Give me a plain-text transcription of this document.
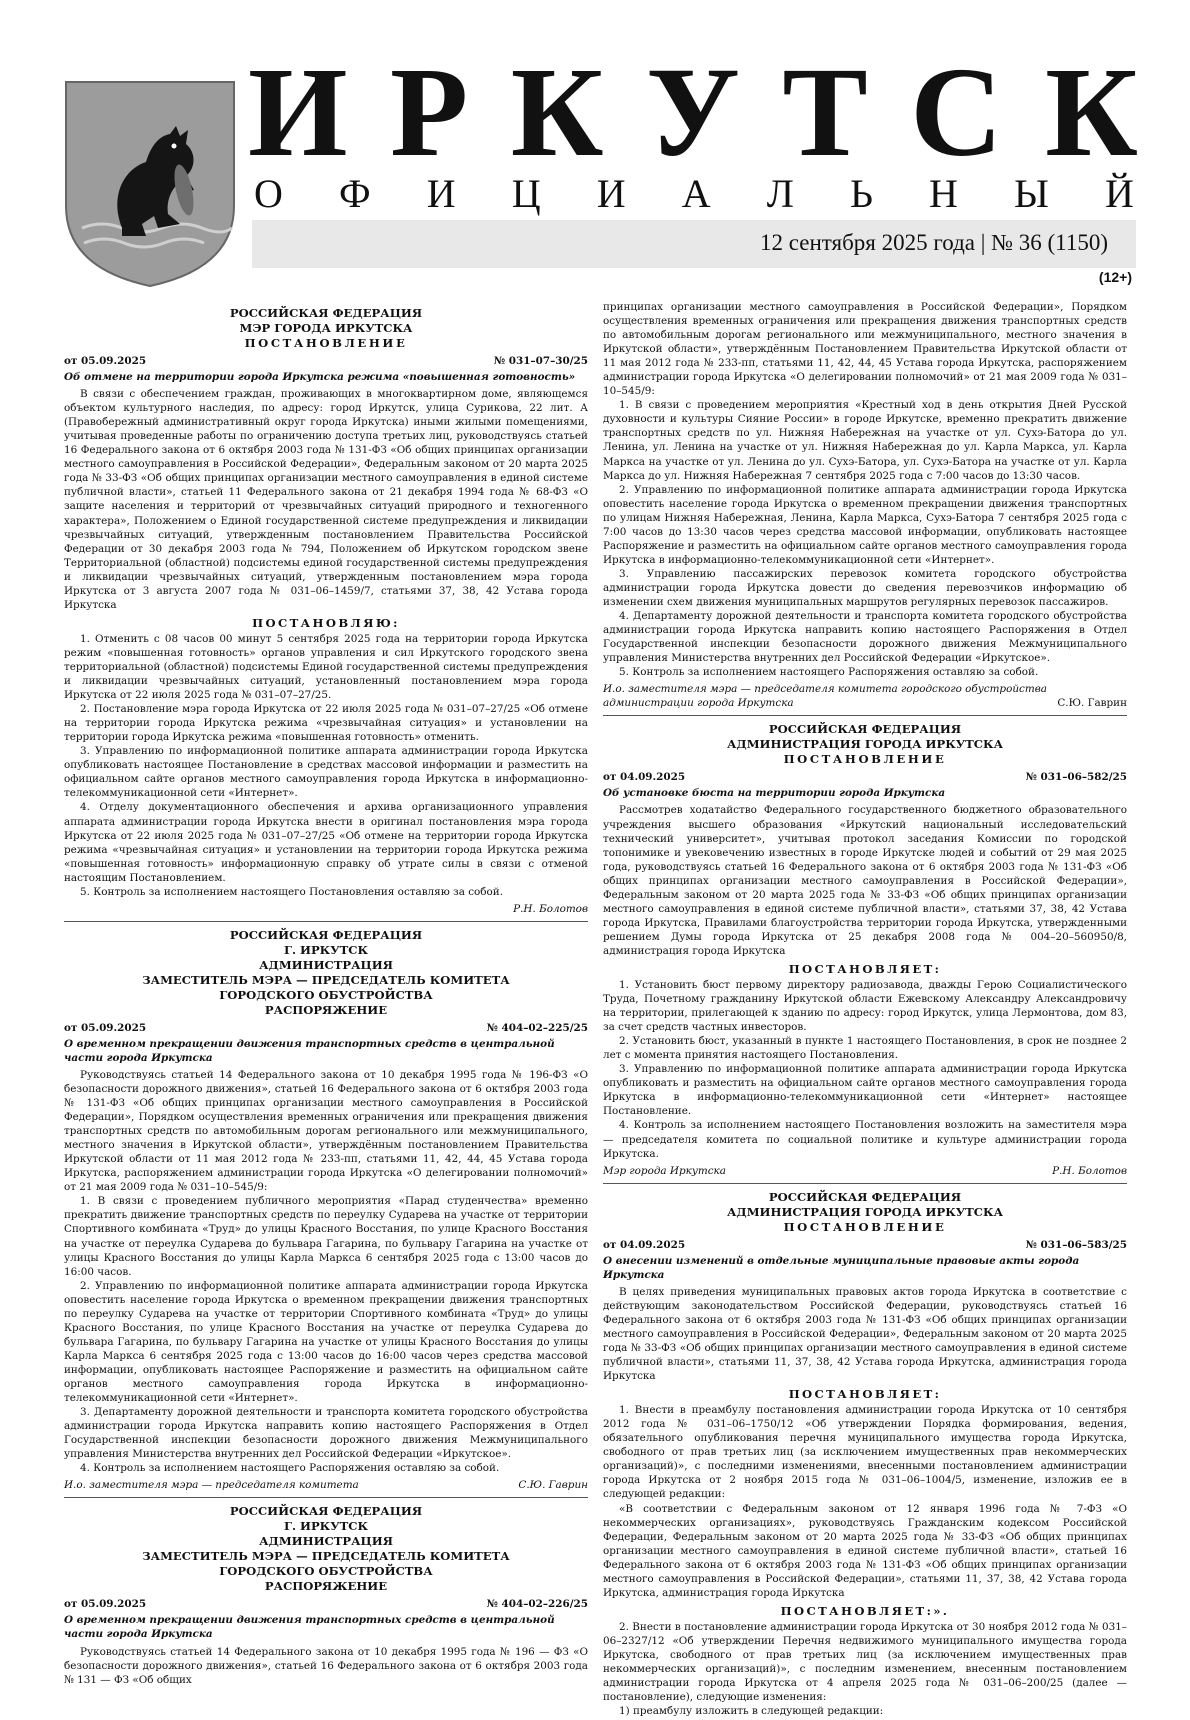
И Р К У Т С К
О Ф И Ц И А Л Ь Н Ы Й
12 сентября 2025 года | № 36 (1150)
(12+)
РОССИЙСКАЯ ФЕДЕРАЦИЯ
МЭР ГОРОДА ИРКУТСКА
ПОСТАНОВЛЕНИЕ
от 05.09.2025	№ 031–07–30/25
Об отмене на территории города Иркутска режима «повышенная готовность»

В связи с обеспечением граждан, проживающих в многоквартирном доме, являющемся объектом культурного наследия, по адресу: город Иркутск, улица Сурикова, 22 лит. А (Правобережный административный округ города Иркутска) иными жилыми помещениями, учитывая проведенные работы по ограничению доступа третьих лиц, руководствуясь статьей 16 Федерального закона от 6 октября 2003 года № 131-ФЗ «Об общих принципах организации местного самоуправления в Российской Федерации», Федеральным законом от 20 марта 2025 года № 33-ФЗ «Об общих принципах организации местного самоуправления в единой системе публичной власти», статьей 11 Федерального закона от 21 декабря 1994 года № 68-ФЗ «О защите населения и территорий от чрезвычайных ситуаций природного и техногенного характера», Положением о Единой государственной системе предупреждения и ликвидации чрезвычайных ситуаций, утвержденным постановлением Правительства Российской Федерации от 30 декабря 2003 года № 794, Положением об Иркутском городском звене Территориальной (областной) подсистемы единой государственной системы предупреждения и ликвидации чрезвычайных ситуаций, утвержденным постановлением мэра города Иркутска от 3 августа 2007 года № 031–06–1459/7, статьями 37, 38, 42 Устава города Иркутска

ПОСТАНОВЛЯЮ:

1. Отменить с 08 часов 00 минут 5 сентября 2025 года на территории города Иркутска режим «повышенная готовность» органов управления и сил Иркутского городского звена территориальной (областной) подсистемы Единой государственной системы предупреждения и ликвидации чрезвычайных ситуаций, установленный постановлением мэра города Иркутска от 22 июля 2025 года № 031–07–27/25.

2. Постановление мэра города Иркутска от 22 июля 2025 года № 031–07–27/25 «Об отмене на территории города Иркутска режима «чрезвычайная ситуация» и установлении на территории города Иркутска режима «повышенная готовность» отменить.

3. Управлению по информационной политике аппарата администрации города Иркутска опубликовать настоящее Постановление в средствах массовой информации и разместить на официальном сайте органов местного самоуправления города Иркутска в информационно-телекоммуникационной сети «Интернет».

4. Отделу документационного обеспечения и архива организационного управления аппарата администрации города Иркутска внести в оригинал постановления мэра города Иркутска от 22 июля 2025 года № 031–07–27/25 «Об отмене на территории города Иркутска режима «чрезвычайная ситуация» и установлении на территории города Иркутска режима «повышенная готовность» информационную справку об утрате силы в связи с отменой настоящим Постановлением.

5. Контроль за исполнением настоящего Постановления оставляю за собой.

Р.Н. Болотов
РОССИЙСКАЯ ФЕДЕРАЦИЯ
Г. ИРКУТСК
АДМИНИСТРАЦИЯ
ЗАМЕСТИТЕЛЬ МЭРА — ПРЕДСЕДАТЕЛЬ КОМИТЕТА
ГОРОДСКОГО ОБУСТРОЙСТВА
РАСПОРЯЖЕНИЕ
от 05.09.2025	№ 404–02–225/25
О временном прекращении движения транспортных средств в центральной части города Иркутска

Руководствуясь статьей 14 Федерального закона от 10 декабря 1995 года № 196-ФЗ «О безопасности дорожного движения», статьей 16 Федерального закона от 6 октября 2003 года № 131-ФЗ «Об общих принципах организации местного самоуправления в Российской Федерации», Порядком осуществления временных ограничения или прекращения движения транспортных средств по автомобильным дорогам регионального или межмуниципального, местного значения в Иркутской области», утверждённым постановлением Правительства Иркутской области от 11 мая 2012 года № 233-пп, статьями 11, 42, 44, 45 Устава города Иркутска, распоряжением администрации города Иркутска «О делегировании полномочий» от 21 мая 2009 года № 031–10–545/9:

1. В связи с проведением публичного мероприятия «Парад студенчества» временно прекратить движение транспортных средств по переулку Сударева на участке от территории Спортивного комбината «Труд» до улицы Красного Восстания, по улице Красного Восстания на участке от переулка Сударева до бульвара Гагарина, по бульвару Гагарина на участке от улицы Красного Восстания до улицы Карла Маркса 6 сентября 2025 года с 13:00 часов до 16:00 часов.

2. Управлению по информационной политике аппарата администрации города Иркутска оповестить население города Иркутска о временном прекращении движения транспортных по переулку Сударева на участке от территории Спортивного комбината «Труд» до улицы Красного Восстания, по улице Красного Восстания на участке от переулка Сударева до бульвара Гагарина, по бульвару Гагарина на участке от улицы Красного Восстания до улицы Карла Маркса 6 сентября 2025 года с 13:00 часов до 16:00 часов через средства массовой информации, опубликовать настоящее Распоряжение и разместить на официальном сайте органов местного самоуправления города Иркутска в информационно-телекоммуникационной сети «Интернет».

3. Департаменту дорожной деятельности и транспорта комитета городского обустройства администрации города Иркутска направить копию настоящего Распоряжения в Отдел Государственной инспекции безопасности дорожного движения Межмуниципального управления Министерства внутренних дел Российской Федерации «Иркутское».

4. Контроль за исполнением настоящего Распоряжения оставляю за собой.

И.о. заместителя мэра — председателя комитета	С.Ю. Гаврин
РОССИЙСКАЯ ФЕДЕРАЦИЯ
Г. ИРКУТСК
АДМИНИСТРАЦИЯ
ЗАМЕСТИТЕЛЬ МЭРА — ПРЕДСЕДАТЕЛЬ КОМИТЕТА
ГОРОДСКОГО ОБУСТРОЙСТВА
РАСПОРЯЖЕНИЕ
от 05.09.2025	№ 404–02–226/25
О временном прекращении движения транспортных средств в центральной части города Иркутска

Руководствуясь статьей 14 Федерального закона от 10 декабря 1995 года № 196 — ФЗ «О безопасности дорожного движения», статьей 16 Федерального закона от 6 октября 2003 года № 131 — ФЗ «Об общих

принципах организации местного самоуправления в Российской Федерации», Порядком осуществления временных ограничения или прекращения движения транспортных средств по автомобильным дорогам регионального или межмуниципального, местного значения в Иркутской области», утверждённым Постановлением Правительства Иркутской области от 11 мая 2012 года № 233-пп, статьями 11, 42, 44, 45 Устава города Иркутска, распоряжением администрации города Иркутска «О делегировании полномочий» от 21 мая 2009 года № 031–10–545/9:

1. В связи с проведением мероприятия «Крестный ход в день открытия Дней Русской духовности и культуры Сияние России» в городе Иркутске, временно прекратить движение транспортных средств по ул. Нижняя Набережная на участке от ул. Сухэ-Батора до ул. Ленина, ул. Ленина на участке от ул. Нижняя Набережная до ул. Карла Маркса, ул. Карла Маркса на участке от ул. Ленина до ул. Сухэ-Батора, ул. Сухэ-Батора на участке от ул. Карла Маркса до ул. Нижняя Набережная 7 сентября 2025 года с 7:00 часов до 13:30 часов.

2. Управлению по информационной политике аппарата администрации города Иркутска оповестить население города Иркутска о временном прекращении движения транспортных по улицам Нижняя Набережная, Ленина, Карла Маркса, Сухэ-Батора 7 сентября 2025 года с 7:00 часов до 13:30 часов через средства массовой информации, опубликовать настоящее Распоряжение и разместить на официальном сайте органов местного самоуправления города Иркутска в информационно-телекоммуникационной сети «Интернет».

3. Управлению пассажирских перевозок комитета городского обустройства администрации города Иркутска довести до сведения перевозчиков информацию об изменении схем движения муниципальных маршрутов регулярных перевозок пассажиров.

4. Департаменту дорожной деятельности и транспорта комитета городского обустройства администрации города Иркутска направить копию настоящего Распоряжения в Отдел Государственной инспекции безопасности дорожного движения Межмуниципального управления Министерства внутренних дел Российской Федерации «Иркутское».

5. Контроль за исполнением настоящего Распоряжения оставляю за собой.

И.о. заместителя мэра — председателя комитета городского обустройства
администрации города Иркутска	С.Ю. Гаврин
РОССИЙСКАЯ ФЕДЕРАЦИЯ
АДМИНИСТРАЦИЯ ГОРОДА ИРКУТСКА
ПОСТАНОВЛЕНИЕ
от 04.09.2025	№ 031–06–582/25
Об установке бюста на территории города Иркутска

Рассмотрев ходатайство Федерального государственного бюджетного образовательного учреждения высшего образования «Иркутский национальный исследовательский технический университет», учитывая протокол заседания Комиссии по городской топонимике и увековечению известных в городе Иркутске людей и событий от 29 мая 2025 года, руководствуясь статьей 16 Федерального закона от 6 октября 2003 года № 131-ФЗ «Об общих принципах организации местного самоуправления в Российской Федерации», Федеральным законом от 20 марта 2025 года № 33-ФЗ «Об общих принципах организации местного самоуправления в единой системе публичной власти», статьями 37, 38, 42 Устава города Иркутска, Правилами благоустройства территории города Иркутска, утвержденными решением Думы города Иркутска от 25 декабря 2008 года № 004–20–560950/8, администрация города Иркутска

ПОСТАНОВЛЯЕТ:

1. Установить бюст первому директору радиозавода, дважды Герою Социалистического Труда, Почетному гражданину Иркутской области Ежевскому Александру Александровичу на территории, прилегающей к зданию по адресу: город Иркутск, улица Лермонтова, дом 83, за счет средств частных инвесторов.

2. Установить бюст, указанный в пункте 1 настоящего Постановления, в срок не позднее 2 лет с момента принятия настоящего Постановления.

3. Управлению по информационной политике аппарата администрации города Иркутска опубликовать и разместить на официальном сайте органов местного самоуправления города Иркутска в информационно-телекоммуникационной сети «Интернет» настоящее Постановление.

4. Контроль за исполнением настоящего Постановления возложить на заместителя мэра — председателя комитета по социальной политике и культуре администрации города Иркутска.

Мэр города Иркутска	Р.Н. Болотов
РОССИЙСКАЯ ФЕДЕРАЦИЯ
АДМИНИСТРАЦИЯ ГОРОДА ИРКУТСКА
ПОСТАНОВЛЕНИЕ
от 04.09.2025	№ 031–06–583/25
О внесении изменений в отдельные муниципальные правовые акты города Иркутска

В целях приведения муниципальных правовых актов города Иркутска в соответствие с действующим законодательством Российской Федерации, руководствуясь статьей 16 Федерального закона от 6 октября 2003 года № 131-ФЗ «Об общих принципах организации местного самоуправления в Российской Федерации», Федеральным законом от 20 марта 2025 года № 33-ФЗ «Об общих принципах организации местного самоуправления в единой системе публичной власти», статьями 11, 37, 38, 42 Устава города Иркутска, администрация города Иркутска

ПОСТАНОВЛЯЕТ:

1. Внести в преамбулу постановления администрации города Иркутска от 10 сентября 2012 года № 031–06–1750/12 «Об утверждении Порядка формирования, ведения, обязательного опубликования перечня муниципального имущества города Иркутска, свободного от прав третьих лиц (за исключением имущественных прав некоммерческих организаций)», с последними изменениями, внесенными постановлением администрации города Иркутска от 2 ноября 2015 года № 031–06–1004/5, изменение, изложив ее в следующей редакции:

«В соответствии с Федеральным законом от 12 января 1996 года № 7-ФЗ «О некоммерческих организациях», руководствуясь Гражданским кодексом Российской Федерации, Федеральным законом от 20 марта 2025 года № 33-ФЗ «Об общих принципах организации местного самоуправления в единой системе публичной власти», статьей 16 Федерального закона от 6 октября 2003 года № 131-ФЗ «Об общих принципах организации местного самоуправления в Российской Федерации», статьями 11, 37, 38, 42 Устава города Иркутска, администрация города Иркутска

ПОСТАНОВЛЯЕТ:».

2. Внести в постановление администрации города Иркутска от 30 ноября 2012 года № 031–06–2327/12 «Об утверждении Перечня недвижимого муниципального имущества города Иркутска, свободного от прав третьих лиц (за исключением имущественных прав некоммерческих организаций)», с последним изменением, внесенным постановлением администрации города Иркутска от 4 апреля 2025 года № 031–06–200/25 (далее — постановление), следующие изменения:

1) преамбулу изложить в следующей редакции:
